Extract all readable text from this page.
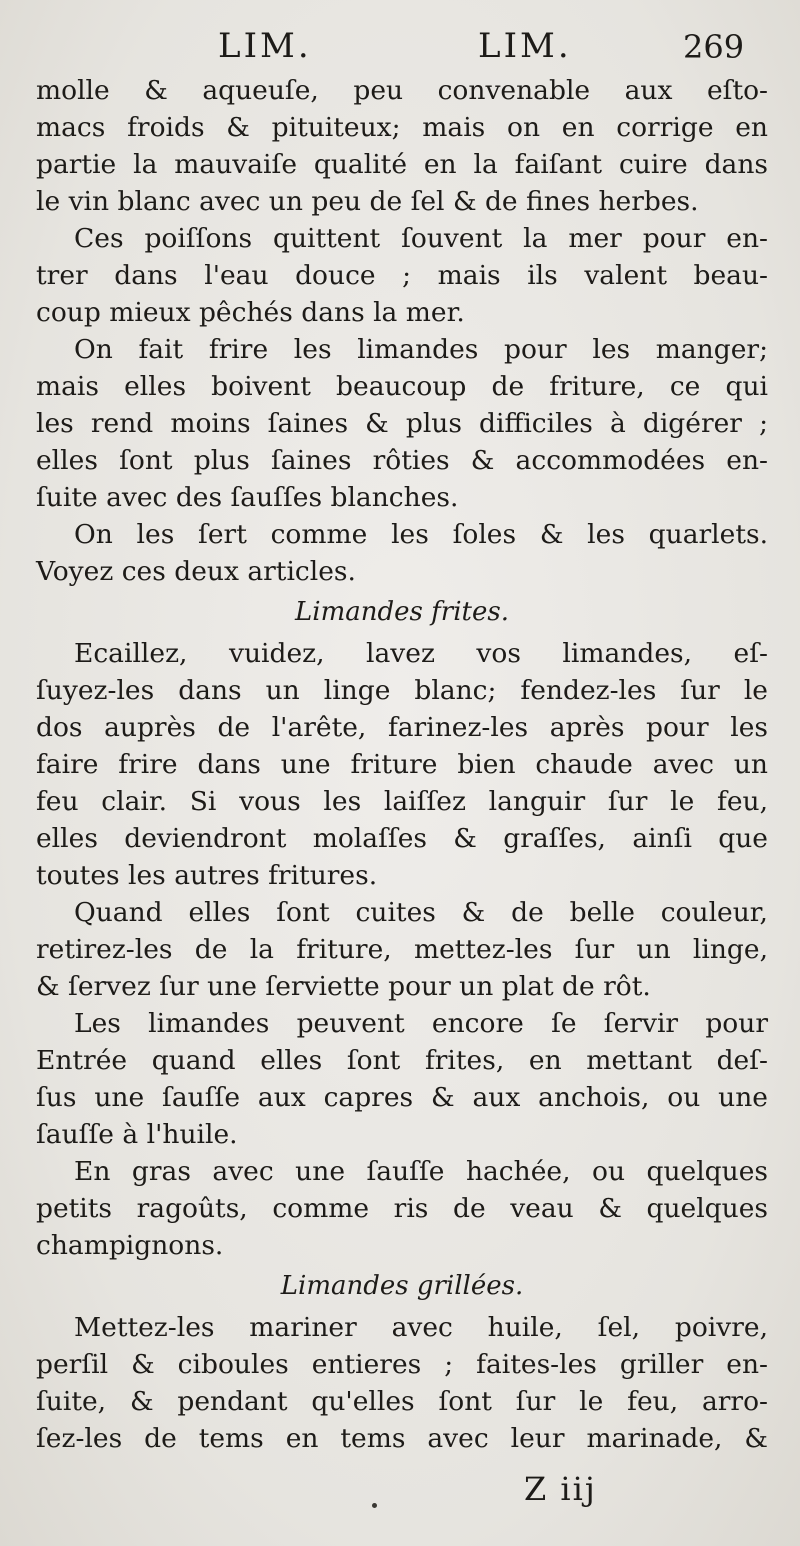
LIM.	LIM.	269
molle & aqueuſe, peu convenable aux eſto-
macs froids & pituiteux; mais on en corrige en
partie la mauvaiſe qualité en la faiſant cuire dans
le vin blanc avec un peu de ſel & de fines herbes.
Ces poiſſons quittent ſouvent la mer pour en-
trer dans l'eau douce ; mais ils valent beau-
coup mieux pêchés dans la mer.
On fait frire les limandes pour les manger;
mais elles boivent beaucoup de friture, ce qui
les rend moins ſaines & plus difficiles à digérer ;
elles ſont plus ſaines rôties & accommodées en-
ſuite avec des ſauſſes blanches.
On les ſert comme les ſoles & les quarlets.
Voyez ces deux articles.
Limandes frites.
Ecaillez, vuidez, lavez vos limandes, eſ-
ſuyez-les dans un linge blanc; fendez-les ſur le
dos auprès de l'arête, farinez-les après pour les
faire frire dans une friture bien chaude avec un
feu clair. Si vous les laiſſez languir ſur le feu,
elles deviendront molaſſes & graſſes, ainſi que
toutes les autres fritures.
Quand elles ſont cuites & de belle couleur,
retirez-les de la friture, mettez-les ſur un linge,
& ſervez ſur une ſerviette pour un plat de rôt.
Les limandes peuvent encore ſe ſervir pour
Entrée quand elles ſont frites, en mettant deſ-
ſus une ſauſſe aux capres & aux anchois, ou une
ſauſſe à l'huile.
En gras avec une ſauſſe hachée, ou quelques
petits ragoûts, comme ris de veau & quelques
champignons.
Limandes grillées.
Mettez-les mariner avec huile, ſel, poivre,
perſil & ciboules entieres ; faites-les griller en-
ſuite, & pendant qu'elles ſont ſur le feu, arro-
ſez-les de tems en tems avec leur marinade, &
Z iij
